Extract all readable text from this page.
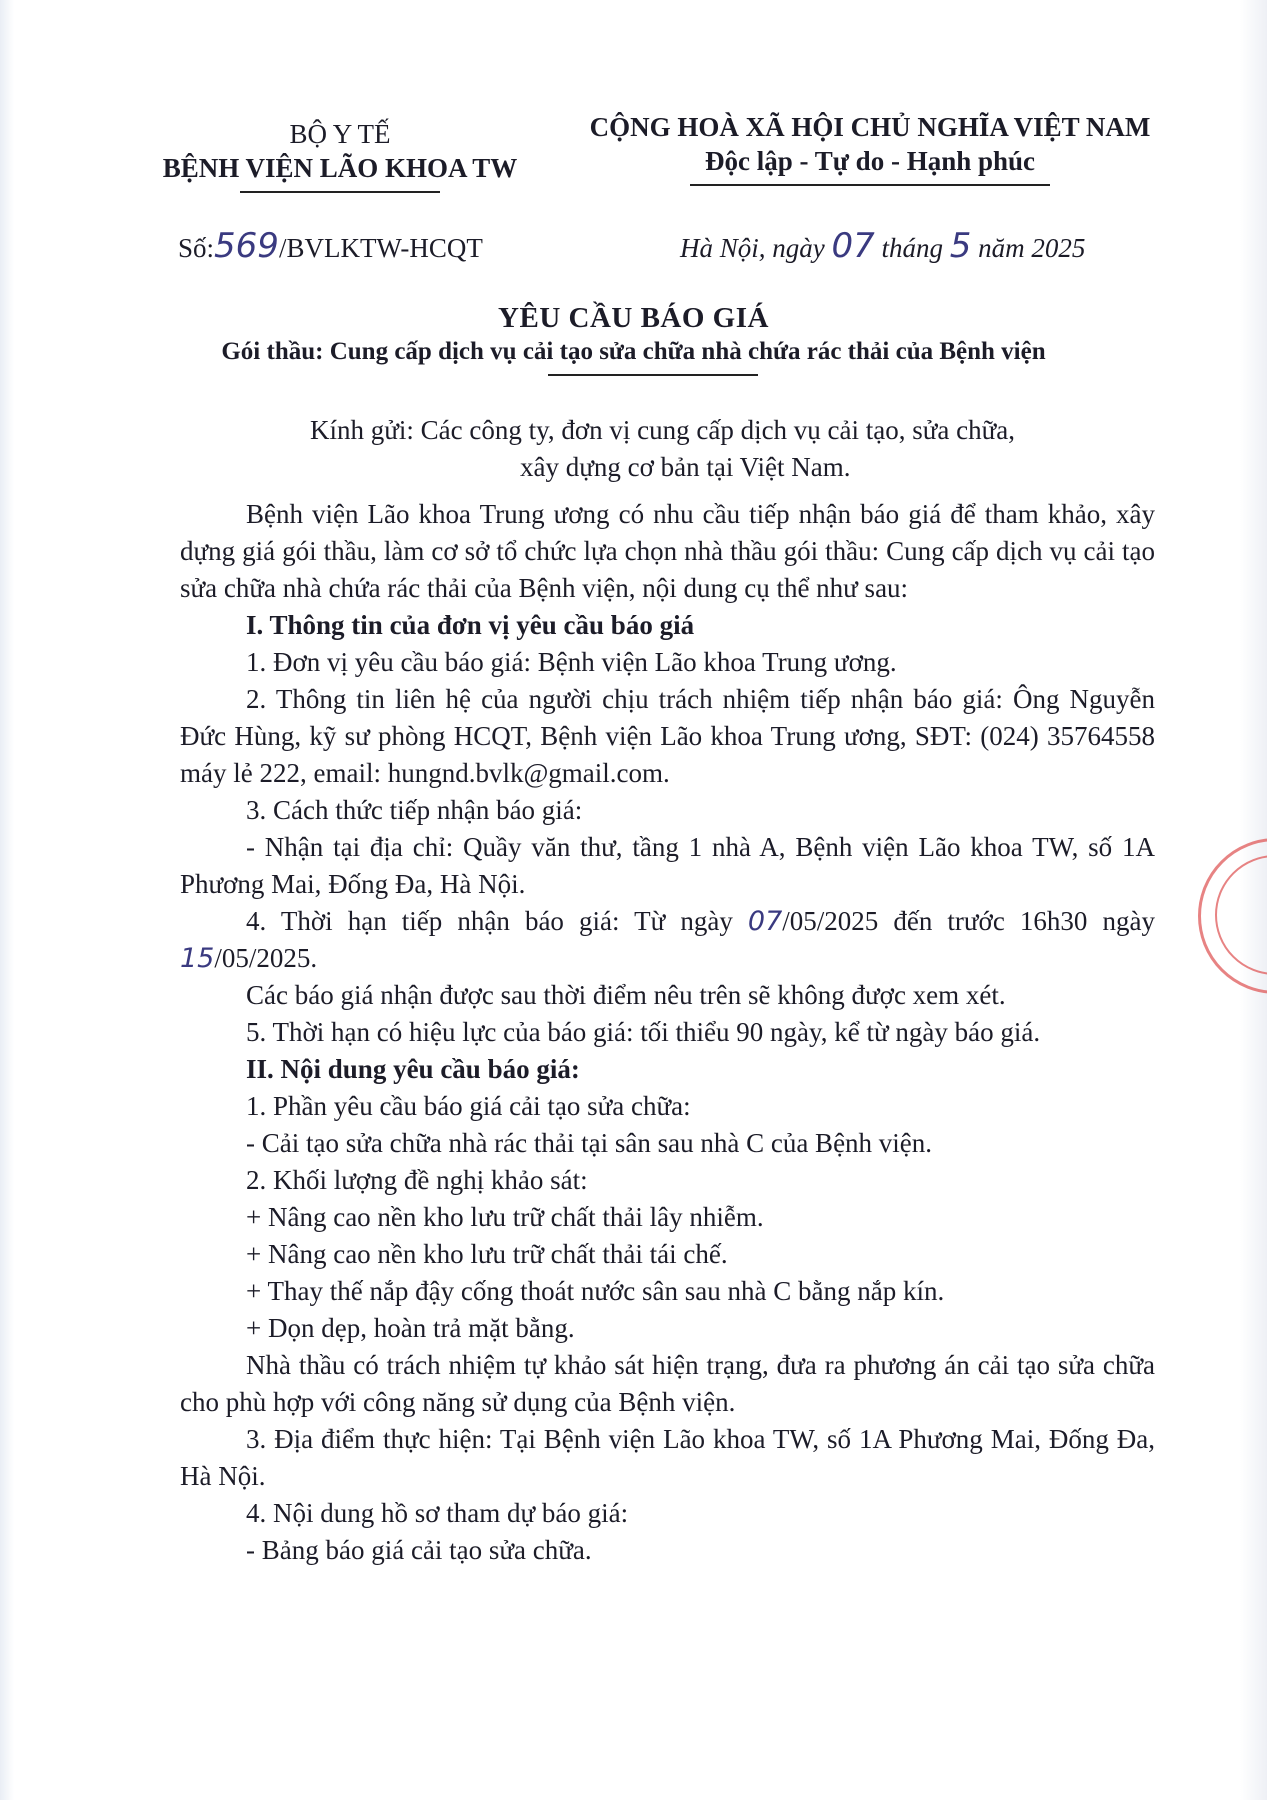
BỘ Y TẾ
BỆNH VIỆN LÃO KHOA TW
CỘNG HOÀ XÃ HỘI CHỦ NGHĨA VIỆT NAM
Độc lập - Tự do - Hạnh phúc
Số:569/BVLKTW-HCQT	Hà Nội, ngày 07 tháng 5 năm 2025
YÊU CẦU BÁO GIÁ
Gói thầu: Cung cấp dịch vụ cải tạo sửa chữa nhà chứa rác thải của Bệnh viện

Kính gửi: Các công ty, đơn vị cung cấp dịch vụ cải tạo, sửa chữa,

xây dựng cơ bản tại Việt Nam.

Bệnh viện Lão khoa Trung ương có nhu cầu tiếp nhận báo giá để tham khảo, xây dựng giá gói thầu, làm cơ sở tổ chức lựa chọn nhà thầu gói thầu: Cung cấp dịch vụ cải tạo sửa chữa nhà chứa rác thải của Bệnh viện, nội dung cụ thể như sau:

I. Thông tin của đơn vị yêu cầu báo giá

1. Đơn vị yêu cầu báo giá: Bệnh viện Lão khoa Trung ương.

2. Thông tin liên hệ của người chịu trách nhiệm tiếp nhận báo giá: Ông Nguyễn Đức Hùng, kỹ sư phòng HCQT, Bệnh viện Lão khoa Trung ương, SĐT: (024) 35764558 máy lẻ 222, email: hungnd.bvlk@gmail.com.

3. Cách thức tiếp nhận báo giá:

- Nhận tại địa chỉ: Quầy văn thư, tầng 1 nhà A, Bệnh viện Lão khoa TW, số 1A Phương Mai, Đống Đa, Hà Nội.

4. Thời hạn tiếp nhận báo giá: Từ ngày 07/05/2025 đến trước 16h30 ngày 15/05/2025.

Các báo giá nhận được sau thời điểm nêu trên sẽ không được xem xét.

5. Thời hạn có hiệu lực của báo giá: tối thiểu 90 ngày, kể từ ngày báo giá.

II. Nội dung yêu cầu báo giá:

1. Phần yêu cầu báo giá cải tạo sửa chữa:

- Cải tạo sửa chữa nhà rác thải tại sân sau nhà C của Bệnh viện.

2. Khối lượng đề nghị khảo sát:

+ Nâng cao nền kho lưu trữ chất thải lây nhiễm.

+ Nâng cao nền kho lưu trữ chất thải tái chế.

+ Thay thế nắp đậy cống thoát nước sân sau nhà C bằng nắp kín.

+ Dọn dẹp, hoàn trả mặt bằng.

Nhà thầu có trách nhiệm tự khảo sát hiện trạng, đưa ra phương án cải tạo sửa chữa cho phù hợp với công năng sử dụng của Bệnh viện.

3. Địa điểm thực hiện: Tại Bệnh viện Lão khoa TW, số 1A Phương Mai, Đống Đa, Hà Nội.

4. Nội dung hồ sơ tham dự báo giá:

- Bảng báo giá cải tạo sửa chữa.
